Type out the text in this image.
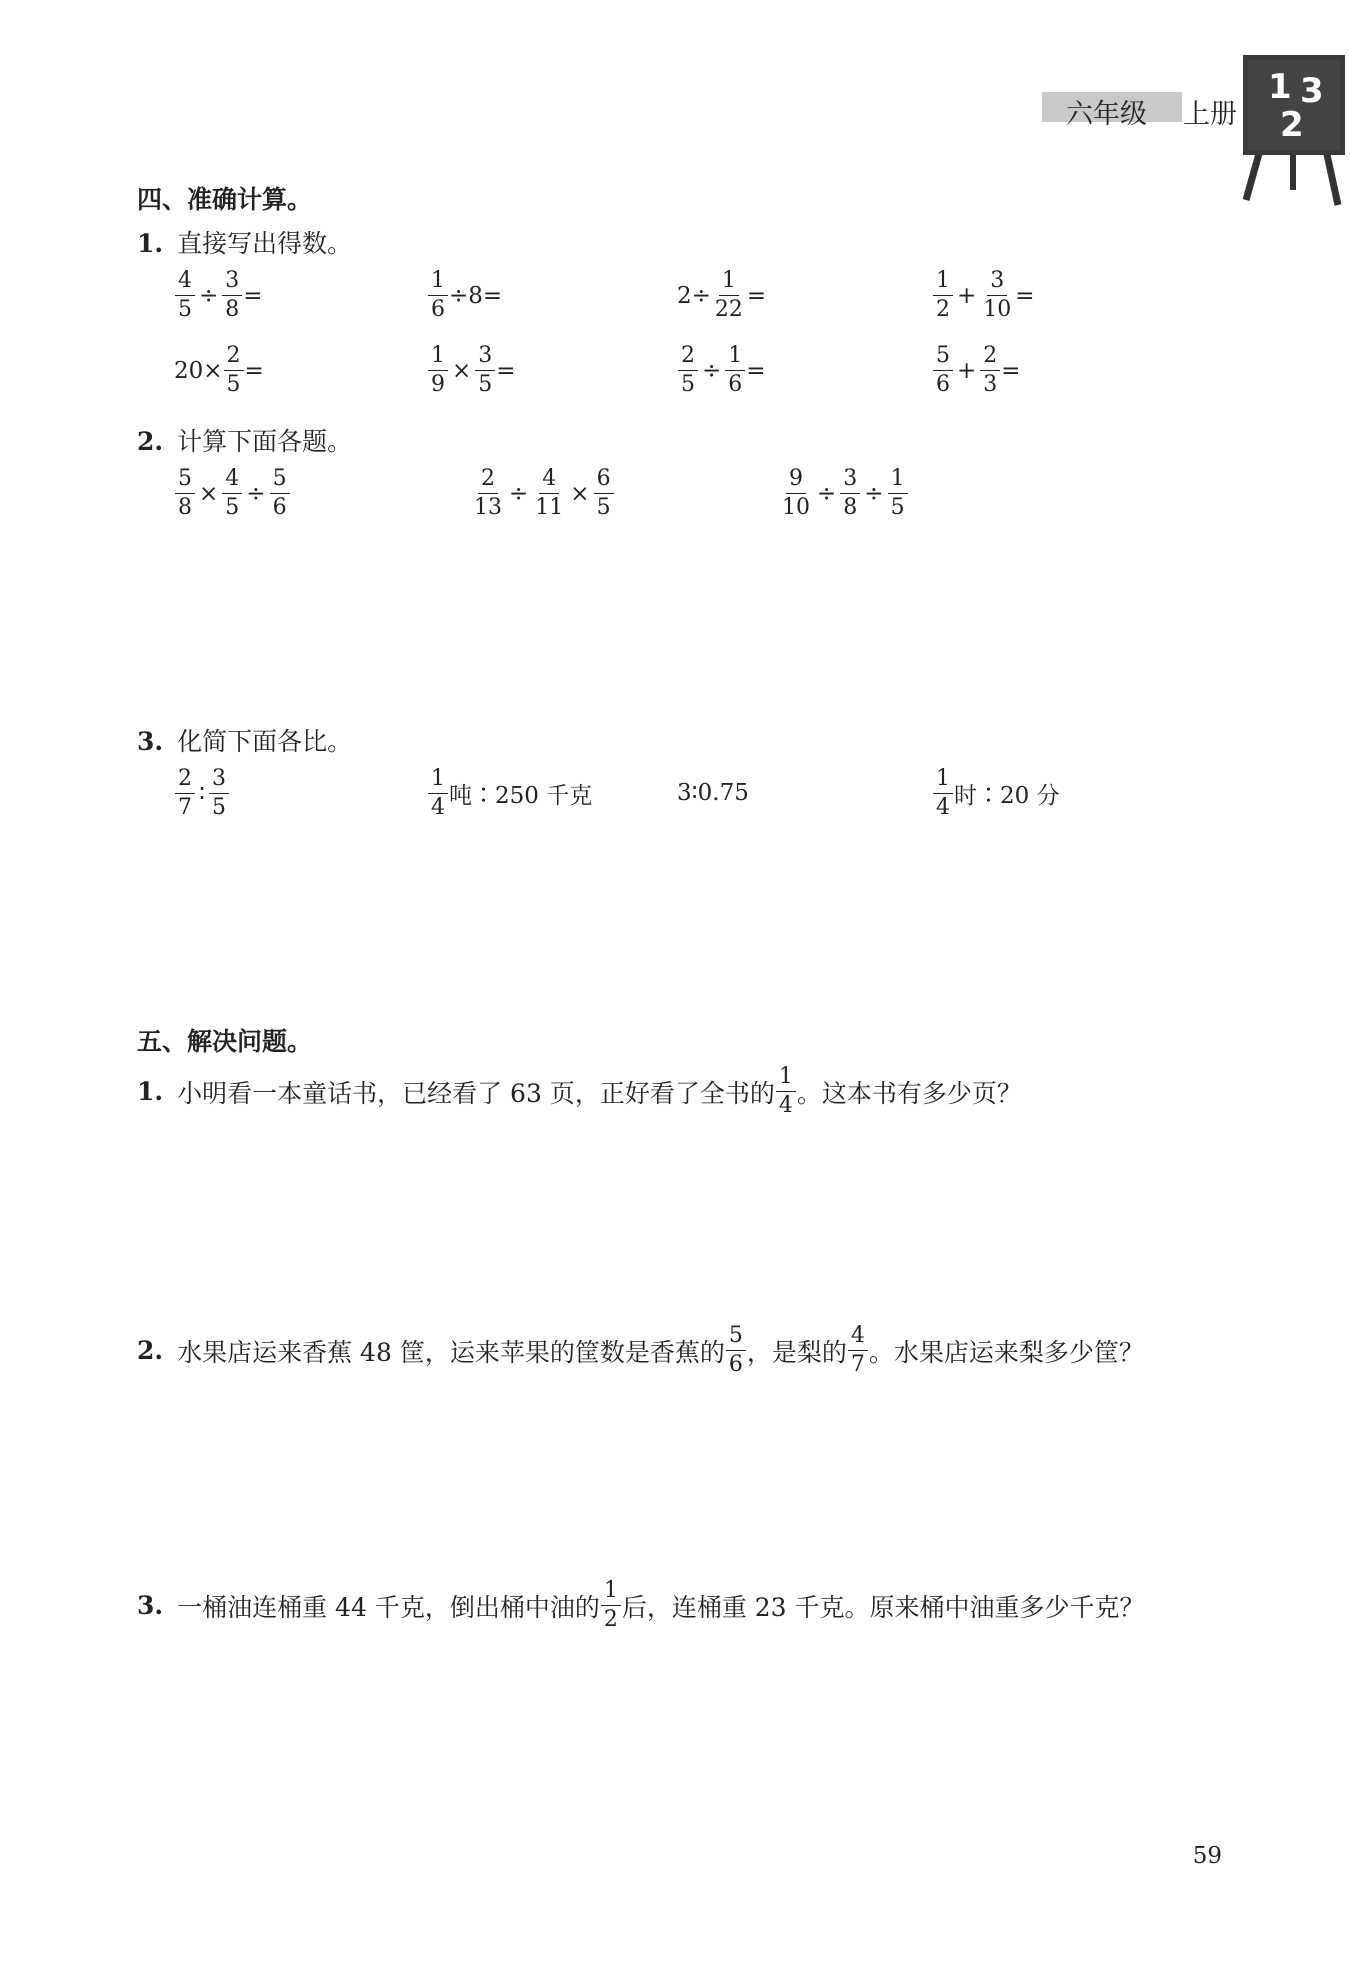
六年级 上册
1 3
2
四、准确计算。
1. 直接写出得数。
$\frac{4}{5} \div \frac{3}{8}$ =	$\frac{1}{6} \div 8=$	$2\div \frac{1}{22}$ =	$\frac{1}{2} + \frac{3}{10}$ =
$20\times \frac{2}{5}$ =	$\frac{1}{9} \times \frac{3}{5}$ =	$\frac{2}{5} \div \frac{1}{6}$ =	$\frac{5}{6} + \frac{2}{3}$ =
2. 计算下面各题。
$\frac{5}{8} \times \frac{4}{5} \div \frac{5}{6}$	$\frac{2}{13} \div \frac{4}{11} \times \frac{6}{5}$	$\frac{9}{10} \div \frac{3}{8} \div \frac{1}{5}$
3. 化简下面各比。
$\frac{2}{7}$ ∶ $\frac{3}{5}$	$\frac{1}{4}$ 吨∶250 千克	3∶0.75	$\frac{1}{4}$ 时∶20 分
五、解决问题。
1. 小明看一本童话书，已经看了 63 页，正好看了全书的 $\frac{1}{4}$ 。这本书有多少页？
2. 水果店运来香蕉 48 筐，运来苹果的筐数是香蕉的 $\frac{5}{6}$ ，是梨的 $\frac{4}{7}$ 。水果店运来梨多少筐？
3. 一桶油连桶重 44 千克，倒出桶中油的 $\frac{1}{2}$ 后，连桶重 23 千克。原来桶中油重多少千克？
59
